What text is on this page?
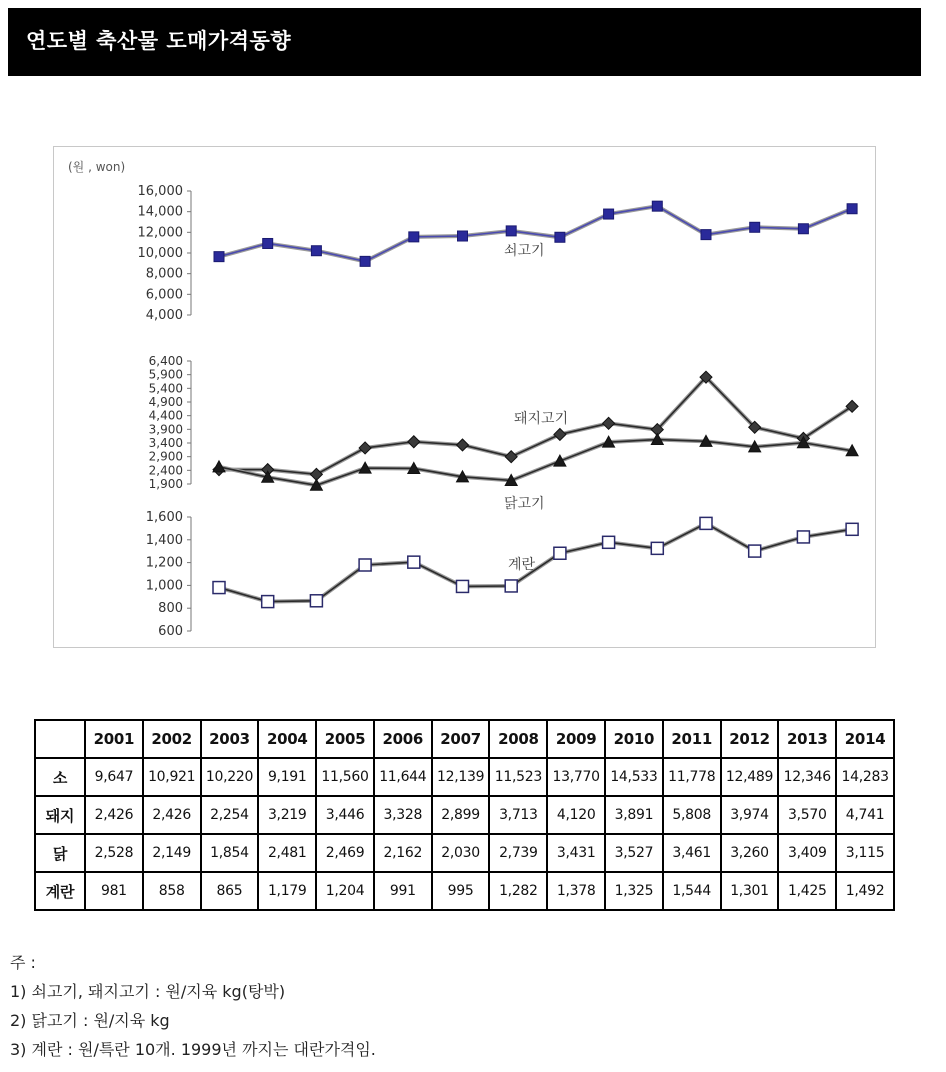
연도별 축산물 도매가격동향
(원 , won)
16,000
14,000
12,000
10,000
8,000
6,000
4,000
쇠고기
6,400
5,900
5,400
4,900
4,400
3,900
3,400
2,900
2,400
1,900
돼지고기
닭고기
1,600
1,400
1,200
1,000
800
600
계란
	2001	2002	2003	2004	2005	2006	2007	2008	2009	2010	2011	2012	2013	2014
소	9,647	10,921	10,220	9,191	11,560	11,644	12,139	11,523	13,770	14,533	11,778	12,489	12,346	14,283
돼지	2,426	2,426	2,254	3,219	3,446	3,328	2,899	3,713	4,120	3,891	5,808	3,974	3,570	4,741
닭	2,528	2,149	1,854	2,481	2,469	2,162	2,030	2,739	3,431	3,527	3,461	3,260	3,409	3,115
계란	981	858	865	1,179	1,204	991	995	1,282	1,378	1,325	1,544	1,301	1,425	1,492
주 :
1) 쇠고기, 돼지고기 : 원/지육 kg(탕박)
2) 닭고기 : 원/지육 kg
3) 계란 : 원/특란 10개. 1999년 까지는 대란가격임.
